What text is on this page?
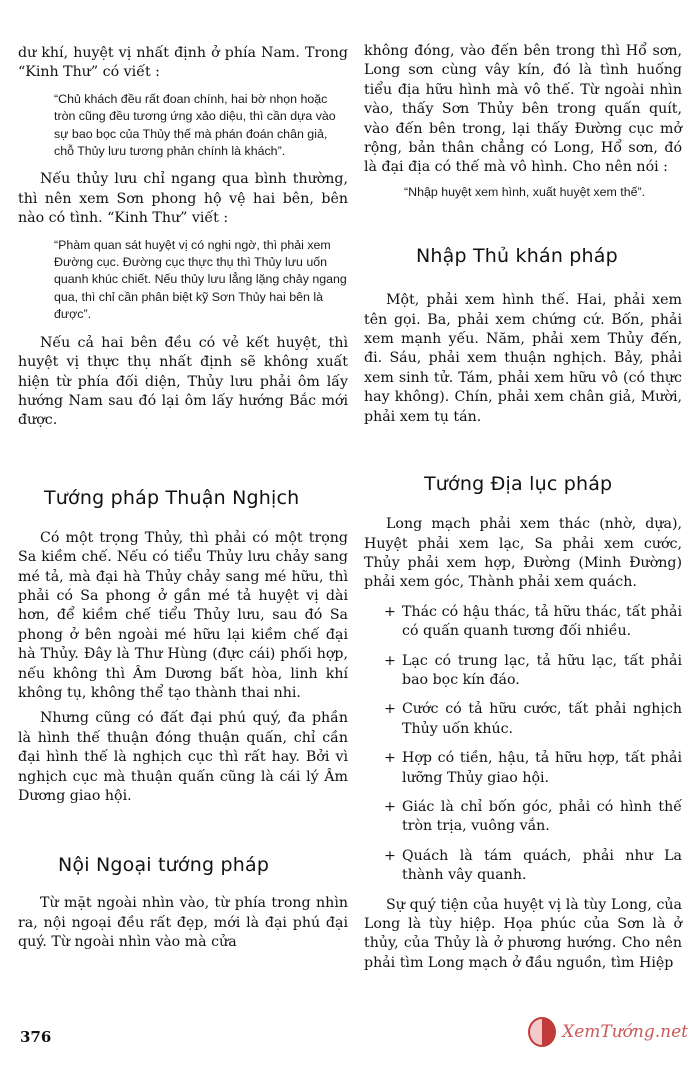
dư khí, huyệt vị nhất định ở phía Nam. Trong “Kinh Thư” có viết :

“Chủ khách đều rất đoan chính, hai bờ nhọn hoặc tròn cũng đều tương ứng xảo diệu, thì cần dựa vào sự bao bọc của Thủy thế mà phán đoán chân giả, chỗ Thủy lưu tương phản chính là khách”.

Nếu thủy lưu chỉ ngang qua bình thường, thì nên xem Sơn phong hộ vệ hai bên, bên nào có tình. “Kinh Thư” viết :

“Phàm quan sát huyệt vị có nghi ngờ, thì phải xem Đường cục. Đường cục thực thụ thì Thủy lưu uốn quanh khúc chiết. Nếu thủy lưu lẳng lặng chảy ngang qua, thì chỉ cần phân biệt kỹ Sơn Thủy hai bên là được”.

Nếu cả hai bên đều có vẻ kết huyệt, thì huyệt vị thực thụ nhất định sẽ không xuất hiện từ phía đối diện, Thủy lưu phải ôm lấy hướng Nam sau đó lại ôm lấy hướng Bắc mới được.

Tướng pháp Thuận Nghịch

Có một trọng Thủy, thì phải có một trọng Sa kiềm chế. Nếu có tiểu Thủy lưu chảy sang mé tả, mà đại hà Thủy chảy sang mé hữu, thì phải có Sa phong ở gần mé tả huyệt vị dài hơn, để kiềm chế tiểu Thủy lưu, sau đó Sa phong ở bên ngoài mé hữu lại kiềm chế đại hà Thủy. Đây là Thư Hùng (đực cái) phối hợp, nếu không thì Âm Dương bất hòa, linh khí không tụ, không thể tạo thành thai nhi.

Nhưng cũng có đất đại phú quý, đa phần là hình thế thuận đóng thuận quấn, chỉ cần đại hình thế là nghịch cục thì rất hay. Bởi vì nghịch cục mà thuận quấn cũng là cái lý Âm Dương giao hội.

Nội Ngoại tướng pháp

Từ mặt ngoài nhìn vào, từ phía trong nhìn ra, nội ngoại đều rất đẹp, mới là đại phú đại quý. Từ ngoài nhìn vào mà cửa

không đóng, vào đến bên trong thì Hổ sơn, Long sơn cùng vây kín, đó là tình huống tiểu địa hữu hình mà vô thế. Từ ngoài nhìn vào, thấy Sơn Thủy bên trong quấn quít, vào đến bên trong, lại thấy Đường cục mở rộng, bản thân chẳng có Long, Hổ sơn, đó là đại địa có thế mà vô hình. Cho nên nói :

“Nhập huyệt xem hình, xuất huyệt xem thế”.
Nhập Thủ khán pháp

Một, phải xem hình thế. Hai, phải xem tên gọi. Ba, phải xem chứng cứ. Bốn, phải xem mạnh yếu. Năm, phải xem Thủy đến, đi. Sáu, phải xem thuận nghịch. Bảy, phải xem sinh tử. Tám, phải xem hữu vô (có thực hay không). Chín, phải xem chân giả, Mười, phải xem tụ tán.

Tướng Địa lục pháp

Long mạch phải xem thác (nhờ, dựa), Huyệt phải xem lạc, Sa phải xem cước, Thủy phải xem hợp, Đường (Minh Đường) phải xem góc, Thành phải xem quách.

+ Thác có hậu thác, tả hữu thác, tất phải có quấn quanh tương đối nhiều.
+ Lạc có trung lạc, tả hữu lạc, tất phải bao bọc kín đáo.
+ Cước có tả hữu cước, tất phải nghịch Thủy uốn khúc.
+ Hợp có tiền, hậu, tả hữu hợp, tất phải lưỡng Thủy giao hội.
+ Giác là chỉ bốn góc, phải có hình thế tròn trịa, vuông vắn.
+ Quách là tám quách, phải như La thành vây quanh.

Sự quý tiện của huyệt vị là tùy Long, của Long là tùy hiệp. Họa phúc của Sơn là ở thủy, của Thủy là ở phương hướng. Cho nên phải tìm Long mạch ở đầu nguồn, tìm Hiệp

376	XemTướng.net
